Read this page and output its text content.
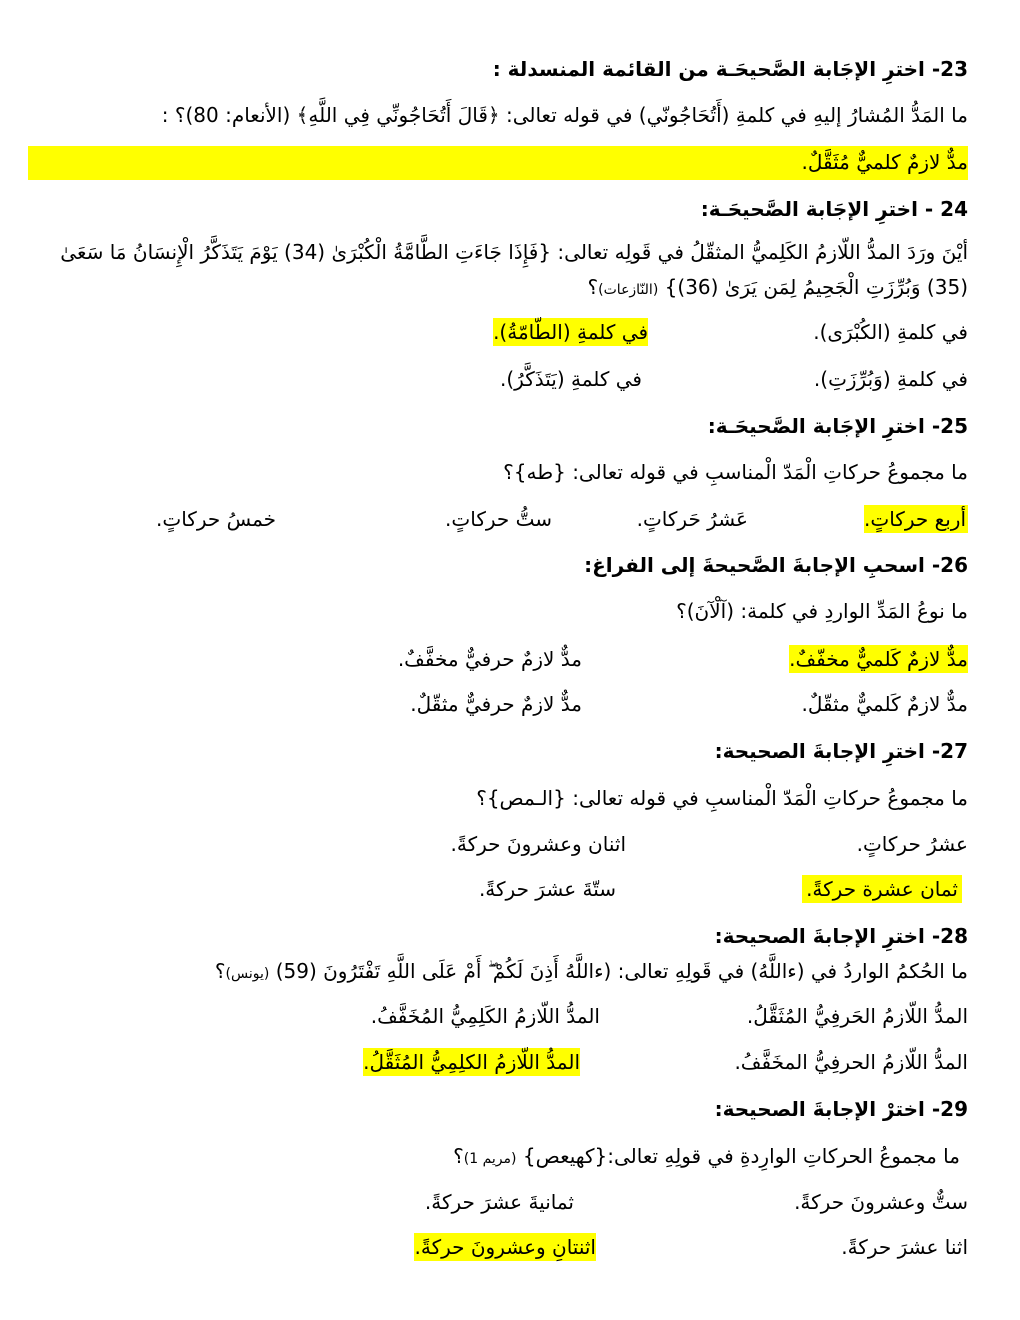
23- اخترِ الإجَابة الصَّحيحَـة من القائمة المنسدلة :
ما المَدُّ المُشارُ إليهِ في كلمةِ (أَتُحَاجُونّي) في قوله تعالى: ﴿قَالَ أَتُحَاجُونِّي فِي اللَّهِ﴾ (الأنعام: 80)؟ :
مدٌّ لازمٌ كلميٌّ مُثَقَّلٌ.
24 - اخترِ الإجَابة الصَّحيحَـة:
أيْنَ ورَدَ المدُّ اللّازمُ الكَلِميُّ المثقّلُ في قَولِه تعالى: {فَإِذَا جَاءَتِ الطَّامَّةُ الْكُبْرَىٰ (34) يَوْمَ يَتَذَكَّرُ الْإِنسَانُ مَا سَعَىٰ
(35) وَبُرِّزَتِ الْجَحِيمُ لِمَن يَرَىٰ (36)} (النّازعات)؟
في كلمةِ (الكُبْرَى).
في كلمةِ (الطّامّةُ).
في كلمةِ (وَبُرِّزَتِ).
في كلمةِ (يَتَذَكَّرُ).
25- اخترِ الإجَابة الصَّحيحَـة:
ما مجموعُ حركاتِ الْمَدّ الْمناسبِ في قوله تعالى: {طه}؟
أربع حركاتٍ.
عَشرُ حَركاتٍ.
ستُّ حركاتٍ.
خمسُ حركاتٍ.
26- اسحبِ الإجابةَ الصَّحيحةَ إلى الفراغ:
ما نوعُ المَدِّ الواردِ في كلمة: (آلْآنَ)؟
مدٌّ لازمٌ كَلميٌّ مخفّفٌ.
مدٌّ لازمٌ حرفيٌّ مخفَّفٌ.
مدٌّ لازمٌ كَلميٌّ مثقّلٌ.
مدٌّ لازمٌ حرفيٌّ مثقّلٌ.
27- اخترِ الإجابةَ الصحيحة:
ما مجموعُ حركاتِ الْمَدّ الْمناسبِ في قوله تعالى: {الـمص}؟
عشرُ حركاتٍ.
اثنان وعشرونَ حركةً.
ثمان عشرة حركةً.
ستّةَ عشرَ حركةً.
28- اخترِ الإجابةَ الصحيحة:
ما الحُكمُ الواردُ في (ءاللَّهُ) في قَولِهِ تعالى: (ءاللَّهُ أَذِنَ لَكُمْ ۖ أَمْ عَلَى اللَّهِ تَفْتَرُونَ (59) (يونس)؟
المدُّ اللّازمُ الحَرفِيُّ المُثَقَّلُ.
المدُّ اللّازمُ الكَلِمِيُّ المُخَفَّفُ.
المدُّ اللّازمُ الحرفِيُّ المخَفَّفُ.
المدُّ اللّازمُ الكلِمِيُّ المُثَقَّلُ.
29- اخترْ الإجابةَ الصحيحة:
ما مجموعُ الحركاتِ الوارِدةِ في قولِهِ تعالى:{كهيعص} (مريم 1)؟
ستٌّ وعشرونَ حركةً.
ثمانيةَ عشرَ حركةً.
اثنا عشرَ حركةً.
اثنتانِ وعشرونَ حركةً.
